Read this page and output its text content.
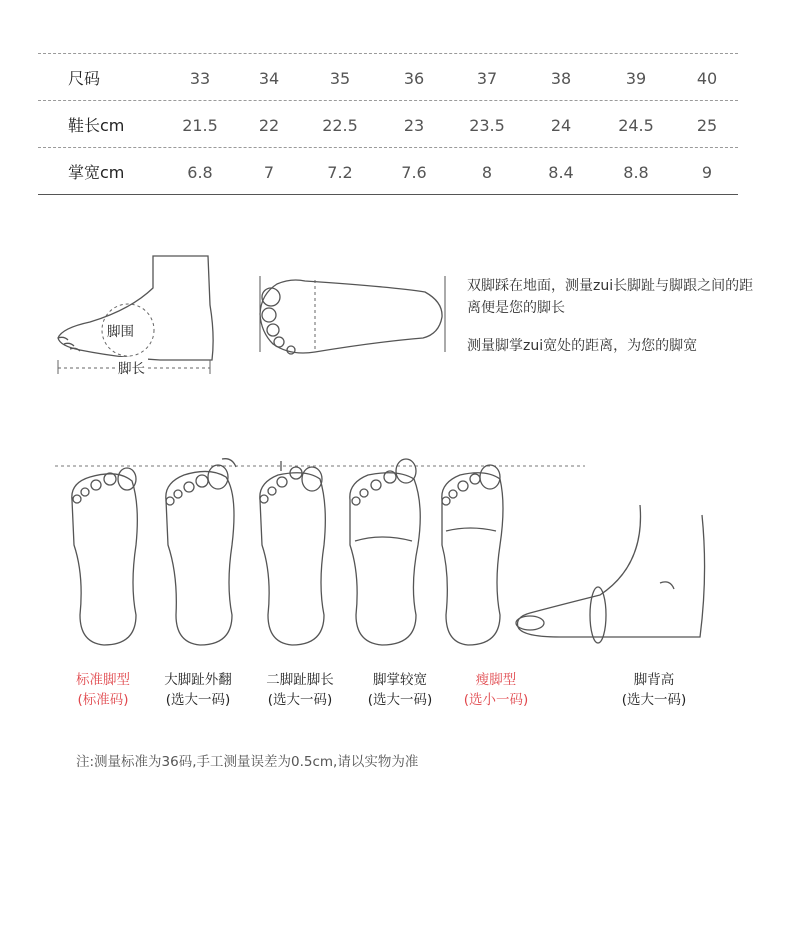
尺码	33	34	35	36	37	38	39	40
鞋长cm	21.5	22	22.5	23	23.5	24	24.5	25
掌宽cm	6.8	7	7.2	7.6	8	8.4	8.8	9
脚围
脚长
双脚踩在地面，测量zui长脚趾与脚跟之间的距离便是您的脚长
测量脚掌zui宽处的距离，为您的脚宽
标准脚型
(标准码)
大脚趾外翻
(选大一码)
二脚趾脚长
(选大一码)
脚掌较宽
(选大一码)
瘦脚型
(选小一码)
脚背高
(选大一码)
注:测量标准为36码,手工测量误差为0.5cm,请以实物为准
